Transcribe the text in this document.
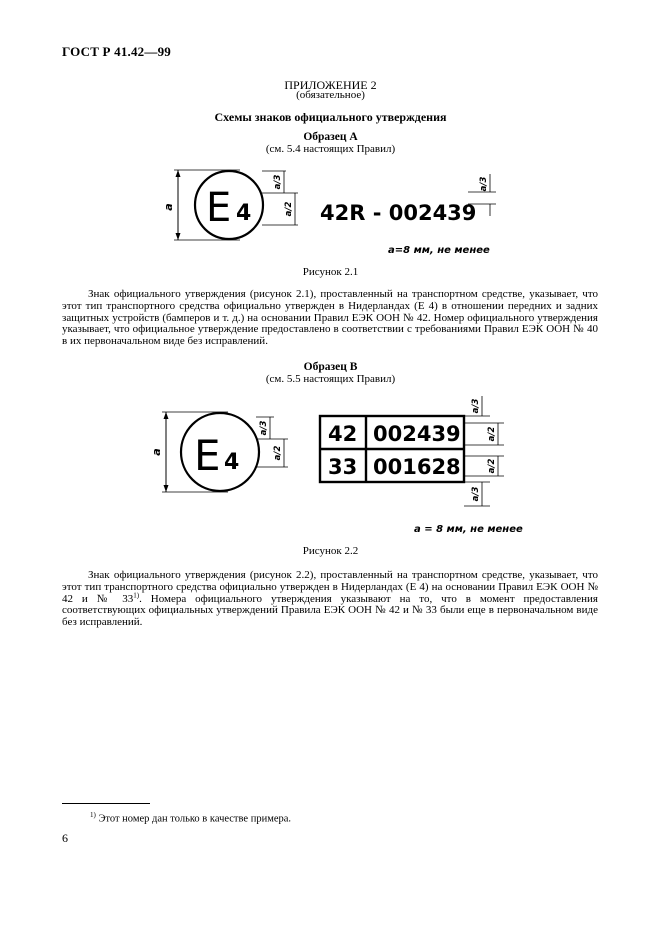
ГОСТ Р 41.42—99
ПРИЛОЖЕНИЕ 2
(обязательное)
Схемы знаков официального утверждения
Образец А
(см. 5.4 настоящих Правил)
a E 4
a/3
a/2 42R - 002439
a/3
a=8 мм, не менее
Рисунок 2.1
Знак официального утверждения (рисунок 2.1), проставленный на транспортном средстве, указывает, что этот тип транспортного средства официально утвержден в Нидерландах (Е 4) в отношении передних и задних защитных устройств (бамперов и т. д.) на основании Правил ЕЭК ООН № 42. Номер официального утверждения указывает, что официальное утверждение предоставлено в соответствии с требованиями Правил ЕЭК ООН № 40 в их первоначальном виде без исправлений.
Образец В
(см. 5.5 настоящих Правил)
a E 4
a/3
a/2
42 002439
33 001628
a/3
a/2
a/2
a/3
a = 8 мм, не менее
Рисунок 2.2
Знак официального утверждения (рисунок 2.2), проставленный на транспортном средстве, указывает, что этот тип транспортного средства официально утвержден в Нидерландах (Е 4) на основании Правил ЕЭК ООН № 42 и № 33$^{1)}$. Номера официального утверждения указывают на то, что в момент предоставления соответствующих официальных утверждений Правила ЕЭК ООН № 42 и № 33 были еще в первоначальном виде без исправлений.
$^{1)}$ Этот номер дан только в качестве примера.
6
